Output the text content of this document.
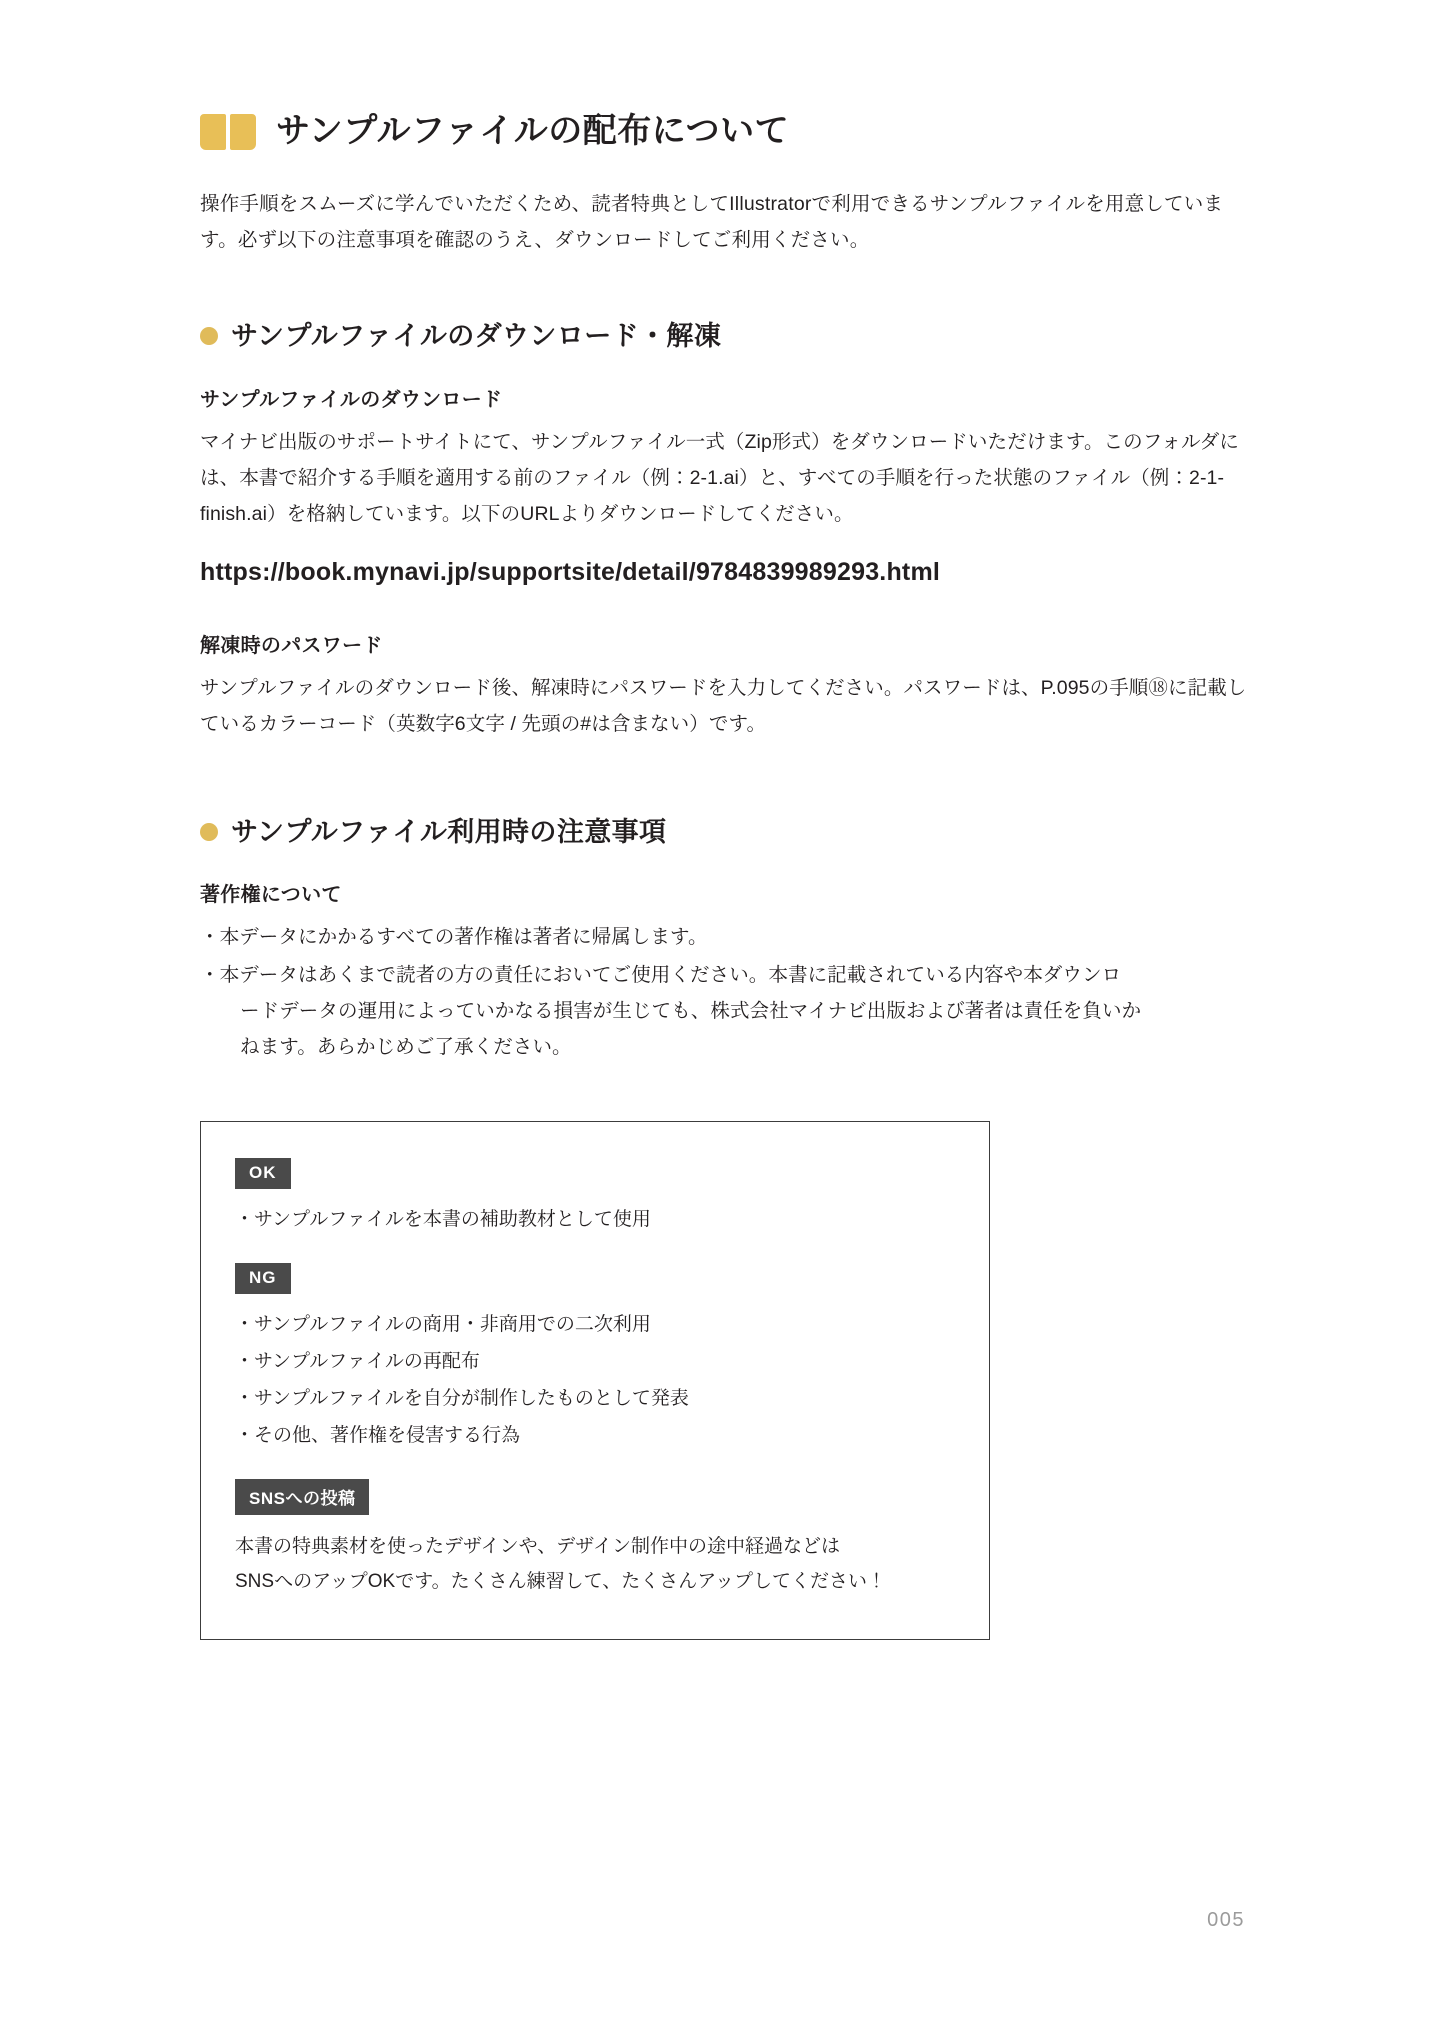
サンプルファイルの配布について

操作手順をスムーズに学んでいただくため、読者特典としてIllustratorで利用できるサンプルファイルを用意しています。必ず以下の注意事項を確認のうえ、ダウンロードしてご利用ください。

サンプルファイルのダウンロード・解凍
サンプルファイルのダウンロード

マイナビ出版のサポートサイトにて、サンプルファイル一式（Zip形式）をダウンロードいただけます。このフォルダには、本書で紹介する手順を適用する前のファイル（例：2-1.ai）と、すべての手順を行った状態のファイル（例：2-1-finish.ai）を格納しています。以下のURLよりダウンロードしてください。

https://book.mynavi.jp/supportsite/detail/9784839989293.html
解凍時のパスワード

サンプルファイルのダウンロード後、解凍時にパスワードを入力してください。パスワードは、P.095の手順⑱に記載しているカラーコード（英数字6文字 / 先頭の#は含まない）です。

サンプルファイル利用時の注意事項
著作権について
・本データにかかるすべての著作権は著者に帰属します。
・本データはあくまで読者の方の責任においてご使用ください。本書に記載されている内容や本ダウンロ
ードデータの運用によっていかなる損害が生じても、株式会社マイナビ出版および著者は責任を負いか
ねます。あらかじめご了承ください。
OK
・サンプルファイルを本書の補助教材として使用
NG
・サンプルファイルの商用・非商用での二次利用
・サンプルファイルの再配布
・サンプルファイルを自分が制作したものとして発表
・その他、著作権を侵害する行為
SNSへの投稿

本書の特典素材を使ったデザインや、デザイン制作中の途中経過などは

SNSへのアップOKです。たくさん練習して、たくさんアップしてください！

005
